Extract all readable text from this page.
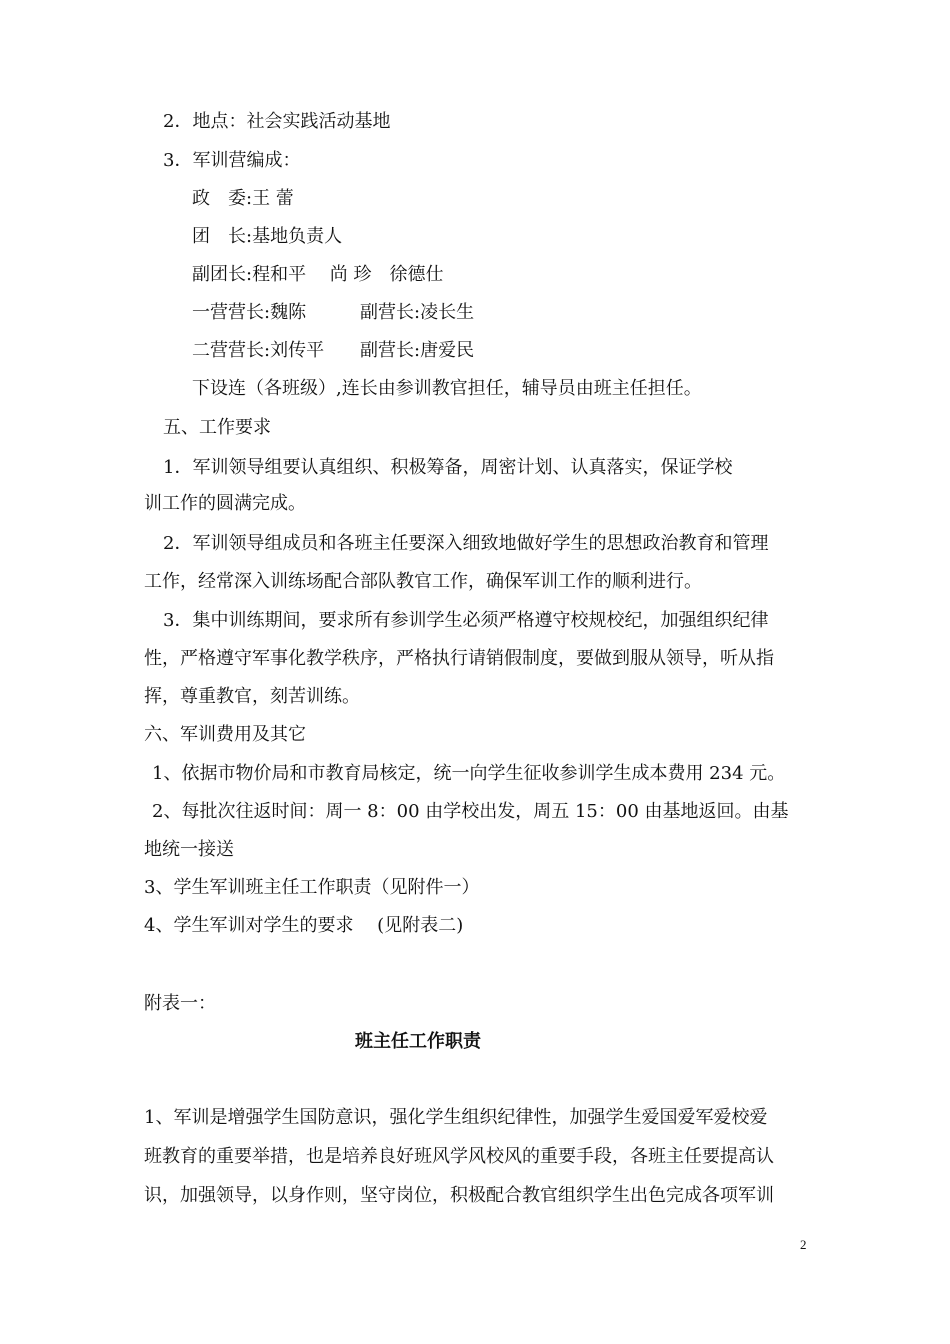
2．地点：社会实践活动基地
3．军训营编成：
政　委:王 蕾
团　长:基地负责人
副团长:程和平　 尚 珍　徐德仕
一营营长:魏陈	副营长:凌长生
二营营长:刘传平 副营长:唐爱民
下设连（各班级）,连长由参训教官担任，辅导员由班主任担任。
五、工作要求
1．军训领导组要认真组织、积极筹备，周密计划、认真落实，保证学校
训工作的圆满完成。
2．军训领导组成员和各班主任要深入细致地做好学生的思想政治教育和管理
工作，经常深入训练场配合部队教官工作，确保军训工作的顺利进行。
3．集中训练期间，要求所有参训学生必须严格遵守校规校纪，加强组织纪律
性，严格遵守军事化教学秩序，严格执行请销假制度，要做到服从领导，听从指
挥，尊重教官，刻苦训练。
六、军训费用及其它
1、依据市物价局和市教育局核定，统一向学生征收参训学生成本费用 234 元。
2、每批次往返时间：周一 8：00 由学校出发，周五 15：00 由基地返回。由基
地统一接送
3、学生军训班主任工作职责（见附件一）
4、学生军训对学生的要求　 (见附表二)
附表一：
班主任工作职责
1、军训是增强学生国防意识，强化学生组织纪律性，加强学生爱国爱军爱校爱
班教育的重要举措，也是培养良好班风学风校风的重要手段，各班主任要提高认
识，加强领导，以身作则，坚守岗位，积极配合教官组织学生出色完成各项军训
2
